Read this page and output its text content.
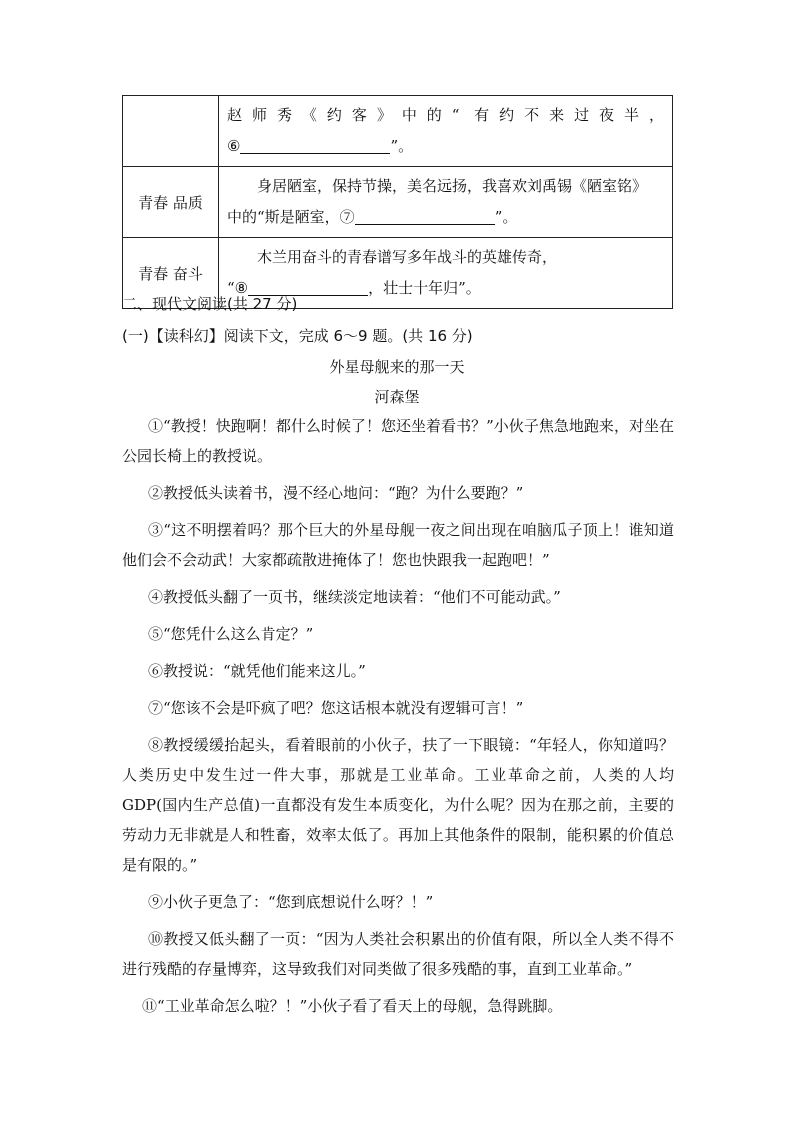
	赵师秀《约客》中的“ 有约不来过夜半，
⑥ ”。

青春 品质	身居陋室，保持节操，美名远扬，我喜欢刘禹锡《陋室铭》
中的“斯是陋室，⑦ ”。

青春 奋斗	木兰用奋斗的青春谱写多年战斗的英雄传奇，
“⑧ ，壮士十年归”。
二、现代文阅读(共 27 分)
(一)【读科幻】阅读下文，完成 6～9 题。(共 16 分)
外星母舰来的那一天
河森堡

①“教授！快跑啊！都什么时候了！您还坐着看书？”小伙子焦急地跑来，对坐在公园长椅上的教授说。

②教授低头读着书，漫不经心地问：“跑？为什么要跑？”

③“这不明摆着吗？那个巨大的外星母舰一夜之间出现在咱脑瓜子顶上！谁知道他们会不会动武！大家都疏散进掩体了！您也快跟我一起跑吧！”

④教授低头翻了一页书，继续淡定地读着：“他们不可能动武。”

⑤“您凭什么这么肯定？”

⑥教授说：“就凭他们能来这儿。”

⑦“您该不会是吓疯了吧？您这话根本就没有逻辑可言！”

⑧教授缓缓抬起头，看着眼前的小伙子，扶了一下眼镜：“年轻人，你知道吗？人类历史中发生过一件大事，那就是工业革命。工业革命之前，人类的人均 GDP(国内生产总值)一直都没有发生本质变化，为什么呢？因为在那之前，主要的劳动力无非就是人和牲畜，效率太低了。再加上其他条件的限制，能积累的价值总是有限的。”

⑨小伙子更急了：“您到底想说什么呀？！”

⑩教授又低头翻了一页：“因为人类社会积累出的价值有限，所以全人类不得不进行残酷的存量博弈，这导致我们对同类做了很多残酷的事，直到工业革命。”

⑪“工业革命怎么啦？！”小伙子看了看天上的母舰，急得跳脚。
